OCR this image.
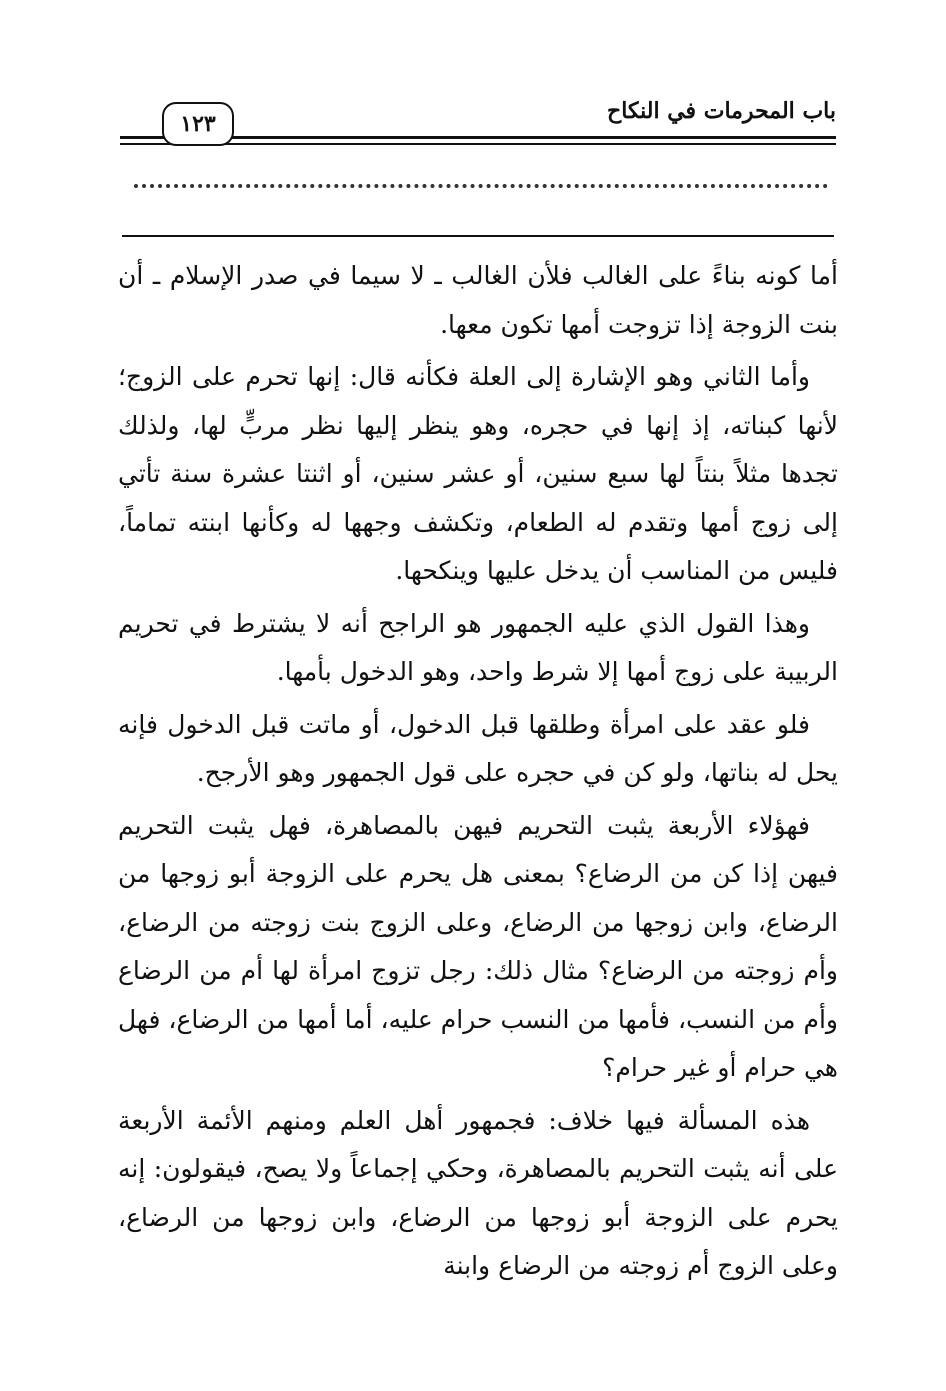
باب المحرمات في النكاح
١٢٣

أما كونه بناءً على الغالب فلأن الغالب ـ لا سيما في صدر الإسلام ـ أن بنت الزوجة إذا تزوجت أمها تكون معها.

وأما الثاني وهو الإشارة إلى العلة فكأنه قال: إنها تحرم على الزوج؛ لأنها كبناته، إذ إنها في حجره، وهو ينظر إليها نظر مربٍّ لها، ولذلك تجدها مثلاً بنتاً لها سبع سنين، أو عشر سنين، أو اثنتا عشرة سنة تأتي إلى زوج أمها وتقدم له الطعام، وتكشف وجهها له وكأنها ابنته تماماً، فليس من المناسب أن يدخل عليها وينكحها.

وهذا القول الذي عليه الجمهور هو الراجح أنه لا يشترط في تحريم الربيبة على زوج أمها إلا شرط واحد، وهو الدخول بأمها.

فلو عقد على امرأة وطلقها قبل الدخول، أو ماتت قبل الدخول فإنه يحل له بناتها، ولو كن في حجره على قول الجمهور وهو الأرجح.

فهؤلاء الأربعة يثبت التحريم فيهن بالمصاهرة، فهل يثبت التحريم فيهن إذا كن من الرضاع؟ بمعنى هل يحرم على الزوجة أبو زوجها من الرضاع، وابن زوجها من الرضاع، وعلى الزوج بنت زوجته من الرضاع، وأم زوجته من الرضاع؟ مثال ذلك: رجل تزوج امرأة لها أم من الرضاع وأم من النسب، فأمها من النسب حرام عليه، أما أمها من الرضاع، فهل هي حرام أو غير حرام؟

هذه المسألة فيها خلاف: فجمهور أهل العلم ومنهم الأئمة الأربعة على أنه يثبت التحريم بالمصاهرة، وحكي إجماعاً ولا يصح، فيقولون: إنه يحرم على الزوجة أبو زوجها من الرضاع، وابن زوجها من الرضاع، وعلى الزوج أم زوجته من الرضاع وابنة
